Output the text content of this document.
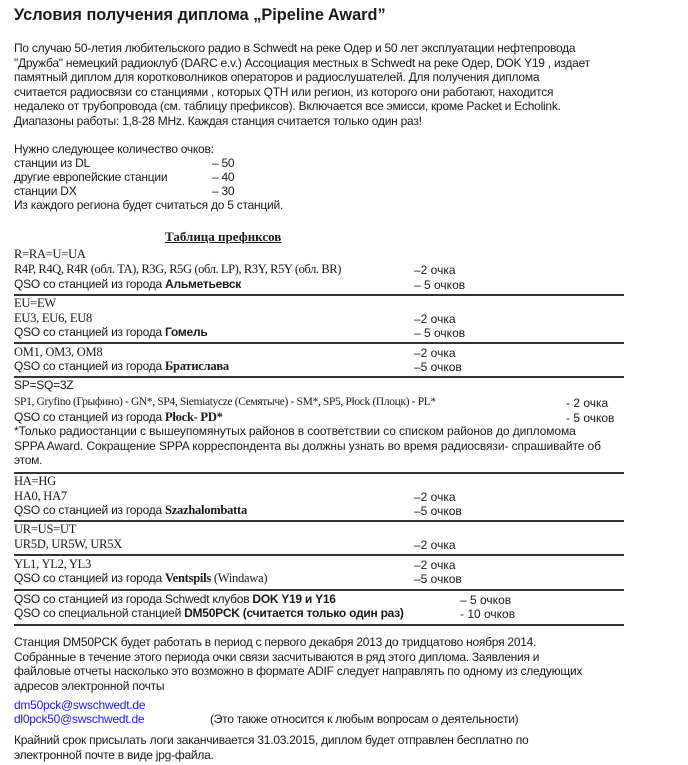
Условия получения диплома „Pipeline Award”
По случаю 50-летия любительского радио в Schwedt на реке Одер и 50 лет эксплуатации нефтепровода
"Дружба" немецкий радиоклуб (DARC e.v.) Ассоциация местных в Schwedt на реке Одер, DOK Y19 , издает
памятный диплом для коротковолников операторов и радиослушателей. Для получения диплома
считается радиосвязи со станциями , которых QTH или регион, из которого они работают, находится
недалеко от трубопровода (см. таблицу префиксов). Включается все эмисси, кроме Packet и Echolink.
Диапазоны работы: 1,8-28 MHz. Каждая станция считается только один раз!
Нужно следующее количество очков:
станции из DL	– 50
другие европейские станции	– 40
станции DX	– 30
Из каждого региона будет считаться до 5 станций.
Таблица префнксов
R=RA=U=UA
R4P, R4Q, R4R (обл. TA), R3G, R5G (обл. LP), R3Y, R5Y (обл. BR)	–2 очка
QSO со станцией из города Альметьевск	– 5 очков
EU=EW
EU3, EU6, EU8	–2 очка
QSO со станцией из города Гомель	– 5 очков
OM1, OM3, OM8	–2 очка
QSO со станцией из города Братислава	–5 очков
SP=SQ=3Z
SP1, Gryfino (Грыфино) - GN*, SP4, Siemiatycze (Семятыче) - SM*, SP5, Płock (Плоцк) - PL*	- 2 очка
QSO со станцией из города Płock- PD*	- 5 очков
*Только радиостанции с вышеупомянутых районов в соответствии со списком районов до дипломома
SPPA Award. Сокращение SPPA корреспондента вы должны узнать во время радиосвязи- спрашивайте об
этом.
HA=HG
HA0, HA7	–2 очка
QSO со станцией из города Szazhalombatta	–5 очков
UR=US=UT
UR5D, UR5W, UR5X	–2 очка
YL1, YL2, YL3	–2 очка
QSO со станцией из города Ventspils (Windawa)	–5 очков
QSO со станцией из города Schwedt клубов DOK Y19 и Y16	– 5 очков
QSO со специальной станцией DM50PCK (считается только один раз)	- 10 очков
Станция DM50PCK будет работать в период с первого декабря 2013 до тридцатово ноября 2014.
Собранные в течение этого периода очки связи засчитываются в ряд этого диплома. Заявления и
файловые отчеты насколько это возможно в формате ADIF следует направлять по одному из следующих
адресов электронной почты
dm50pck@swschwedt.de
dl0pck50@swschwedt.de	(Это также относится к любым вопросам о деятельности)
Крайний срок присылать логи заканчивается 31.03.2015, диплом будет отправлен бесплатно по
электронной почте в виде jpg-файла.
